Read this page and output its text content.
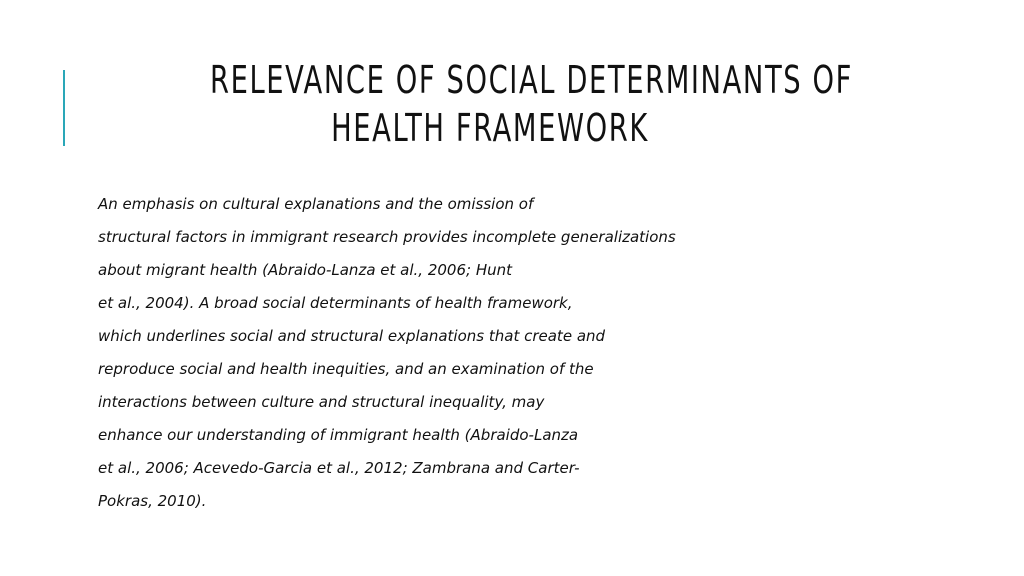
RELEVANCE OF SOCIAL DETERMINANTS OF
HEALTH FRAMEWORK
An emphasis on cultural explanations and the omission of
structural factors in immigrant research provides incomplete generalizations
about migrant health (Abraido-Lanza et al., 2006; Hunt
et al., 2004). A broad social determinants of health framework,
which underlines social and structural explanations that create and
reproduce social and health inequities, and an examination of the
interactions between culture and structural inequality, may
enhance our understanding of immigrant health (Abraido-Lanza
et al., 2006; Acevedo-Garcia et al., 2012; Zambrana and Carter-
Pokras, 2010).
